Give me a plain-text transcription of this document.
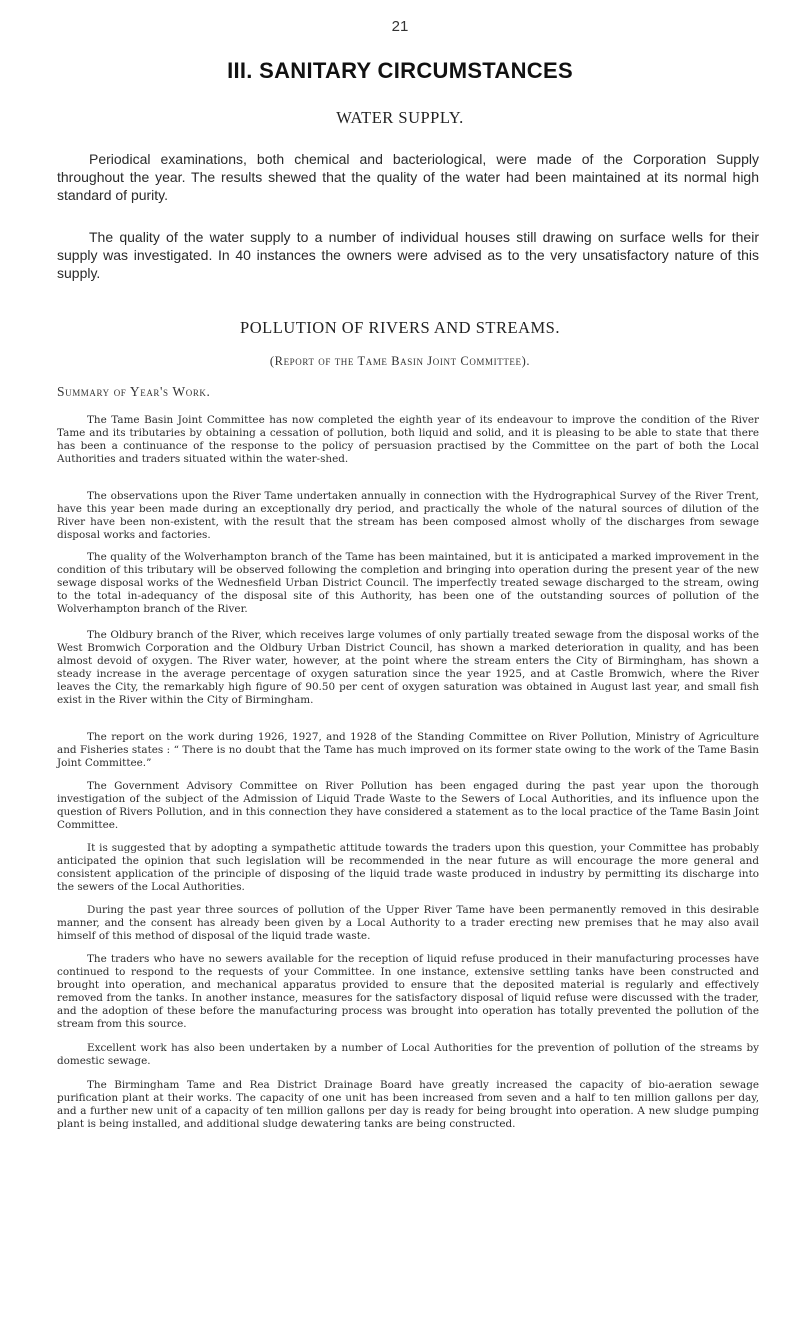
21
III. SANITARY CIRCUMSTANCES
WATER SUPPLY.

Periodical examinations, both chemical and bacteriological, were made of the Corporation Supply throughout the year. The results shewed that the quality of the water had been maintained at its normal high standard of purity.

The quality of the water supply to a number of individual houses still drawing on surface wells for their supply was investigated. In 40 instances the owners were advised as to the very unsatisfactory nature of this supply.

POLLUTION OF RIVERS AND STREAMS.
(Report of the Tame Basin Joint Committee).
Summary of Year's Work.

The Tame Basin Joint Committee has now completed the eighth year of its endeavour to improve the condition of the River Tame and its tributaries by obtaining a cessation of pollution, both liquid and solid, and it is pleasing to be able to state that there has been a continuance of the response to the policy of persuasion practised by the Committee on the part of both the Local Authorities and traders situated within the water-shed.

The observations upon the River Tame undertaken annually in connection with the Hydrographical Survey of the River Trent, have this year been made during an exceptionally dry period, and practically the whole of the natural sources of dilution of the River have been non-existent, with the result that the stream has been composed almost wholly of the discharges from sewage disposal works and factories.

The quality of the Wolverhampton branch of the Tame has been maintained, but it is anticipated a marked improvement in the condition of this tributary will be observed following the completion and bringing into operation during the present year of the new sewage disposal works of the Wednesfield Urban District Council. The imperfectly treated sewage discharged to the stream, owing to the total in-adequancy of the disposal site of this Authority, has been one of the outstanding sources of pollution of the Wolverhampton branch of the River.

The Oldbury branch of the River, which receives large volumes of only partially treated sewage from the disposal works of the West Bromwich Corporation and the Oldbury Urban District Council, has shown a marked deterioration in quality, and has been almost devoid of oxygen. The River water, however, at the point where the stream enters the City of Birmingham, has shown a steady increase in the average percentage of oxygen saturation since the year 1925, and at Castle Bromwich, where the River leaves the City, the remarkably high figure of 90.50 per cent of oxygen saturation was obtained in August last year, and small fish exist in the River within the City of Birmingham.

The report on the work during 1926, 1927, and 1928 of the Standing Committee on River Pollution, Ministry of Agriculture and Fisheries states : “ There is no doubt that the Tame has much improved on its former state owing to the work of the Tame Basin Joint Committee.”

The Government Advisory Committee on River Pollution has been engaged during the past year upon the thorough investigation of the subject of the Admission of Liquid Trade Waste to the Sewers of Local Authorities, and its influence upon the question of Rivers Pollution, and in this connection they have considered a statement as to the local practice of the Tame Basin Joint Committee.

It is suggested that by adopting a sympathetic attitude towards the traders upon this question, your Committee has probably anticipated the opinion that such legislation will be recommended in the near future as will encourage the more general and consistent application of the principle of disposing of the liquid trade waste produced in industry by permitting its discharge into the sewers of the Local Authorities.

During the past year three sources of pollution of the Upper River Tame have been permanently removed in this desirable manner, and the consent has already been given by a Local Authority to a trader erecting new premises that he may also avail himself of this method of disposal of the liquid trade waste.

The traders who have no sewers available for the reception of liquid refuse produced in their manufacturing processes have continued to respond to the requests of your Committee. In one instance, extensive settling tanks have been constructed and brought into operation, and mechanical apparatus provided to ensure that the deposited material is regularly and effectively removed from the tanks. In another instance, measures for the satisfactory disposal of liquid refuse were discussed with the trader, and the adoption of these before the manufacturing process was brought into operation has totally prevented the pollution of the stream from this source.

Excellent work has also been undertaken by a number of Local Authorities for the prevention of pollution of the streams by domestic sewage.

The Birmingham Tame and Rea District Drainage Board have greatly increased the capacity of bio-aeration sewage purification plant at their works. The capacity of one unit has been increased from seven and a half to ten million gallons per day, and a further new unit of a capacity of ten million gallons per day is ready for being brought into operation. A new sludge pumping plant is being installed, and additional sludge dewatering tanks are being constructed.
